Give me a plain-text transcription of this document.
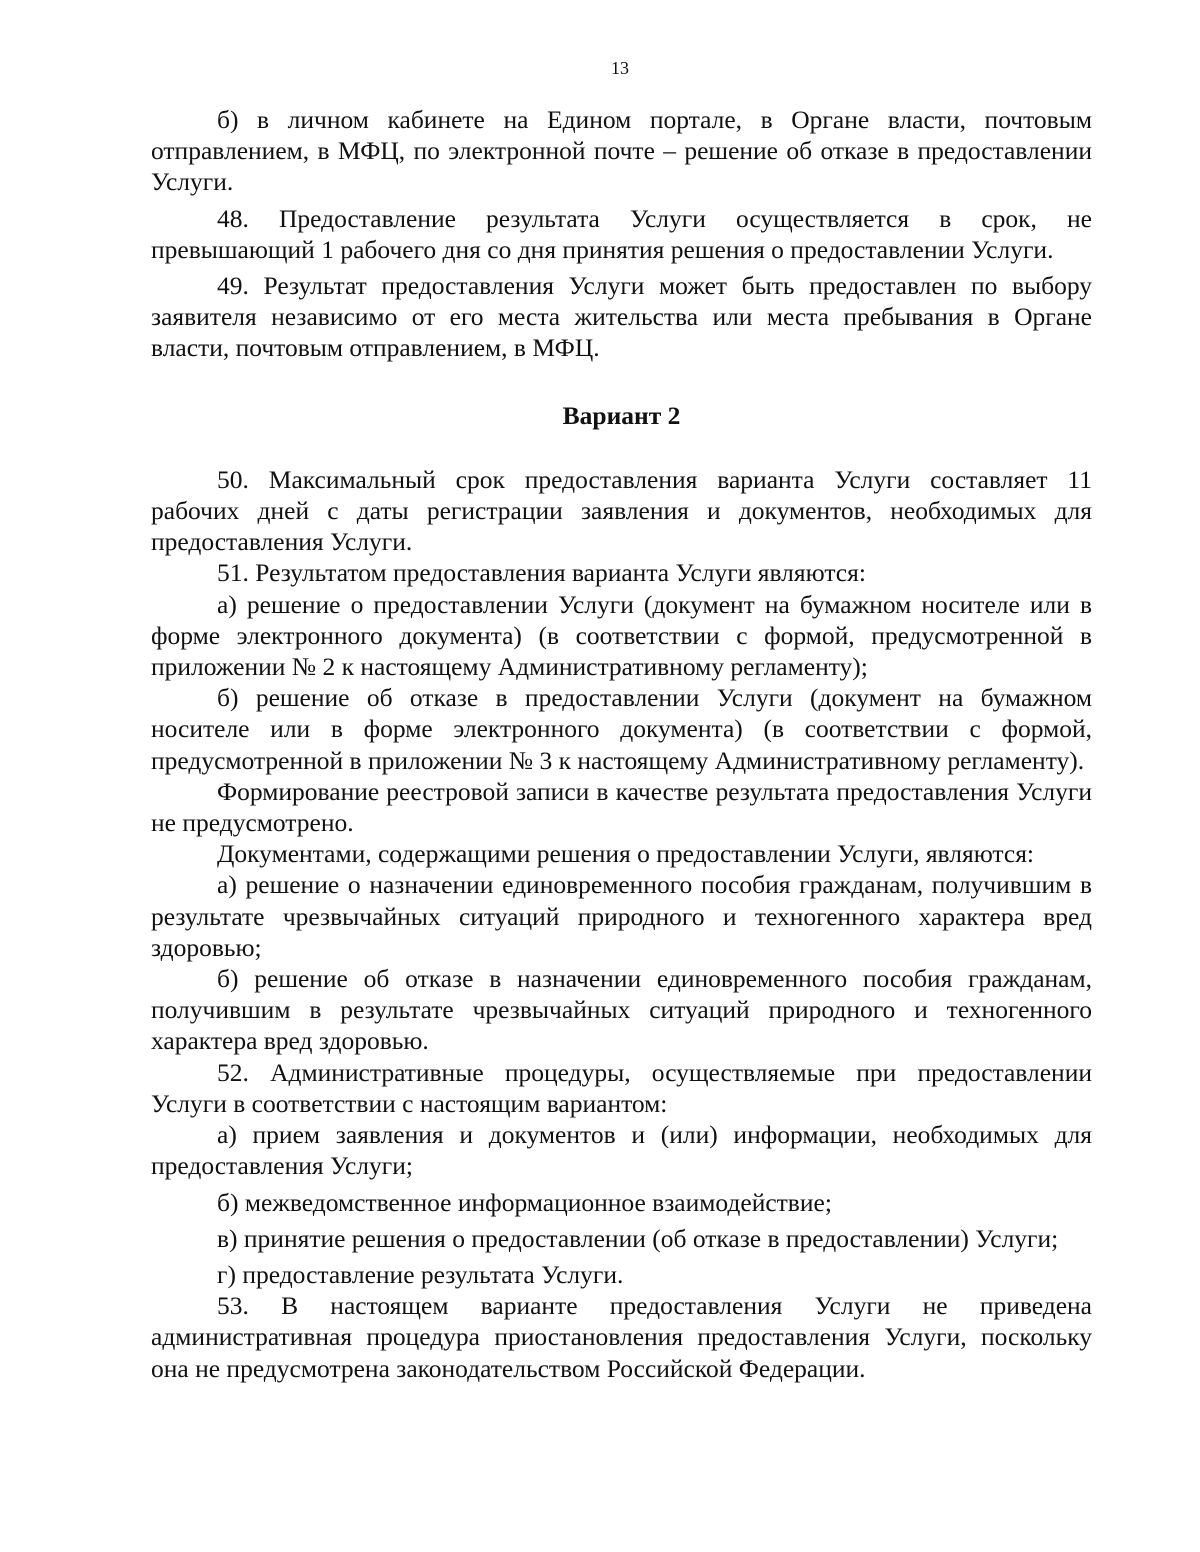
13

б) в личном кабинете на Едином портале, в Органе власти, почтовым отправлением, в МФЦ, по электронной почте – решение об отказе в предоставлении Услуги.

48. Предоставление результата Услуги осуществляется в срок, не превышающий 1 рабочего дня со дня принятия решения о предоставлении Услуги.

49. Результат предоставления Услуги может быть предоставлен по выбору заявителя независимо от его места жительства или места пребывания в Органе власти, почтовым отправлением, в МФЦ.

Вариант 2

50. Максимальный срок предоставления варианта Услуги составляет 11 рабочих дней с даты регистрации заявления и документов, необходимых для предоставления Услуги.

51. Результатом предоставления варианта Услуги являются:

а) решение о предоставлении Услуги (документ на бумажном носителе или в форме электронного документа) (в соответствии с формой, предусмотренной в приложении № 2 к настоящему Административному регламенту);

б) решение об отказе в предоставлении Услуги (документ на бумажном носителе или в форме электронного документа) (в соответствии с формой, предусмотренной в приложении № 3 к настоящему Административному регламенту).

Формирование реестровой записи в качестве результата предоставления Услуги не предусмотрено.

Документами, содержащими решения о предоставлении Услуги, являются:

а) решение о назначении единовременного пособия гражданам, получившим в результате чрезвычайных ситуаций природного и техногенного характера вред здоровью;

б) решение об отказе в назначении единовременного пособия гражданам, получившим в результате чрезвычайных ситуаций природного и техногенного характера вред здоровью.

52. Административные процедуры, осуществляемые при предоставлении Услуги в соответствии с настоящим вариантом:

а) прием заявления и документов и (или) информации, необходимых для предоставления Услуги;

б) межведомственное информационное взаимодействие;

в) принятие решения о предоставлении (об отказе в предоставлении) Услуги;

г) предоставление результата Услуги.

53. В настоящем варианте предоставления Услуги не приведена административная процедура приостановления предоставления Услуги, поскольку она не предусмотрена законодательством Российской Федерации.
